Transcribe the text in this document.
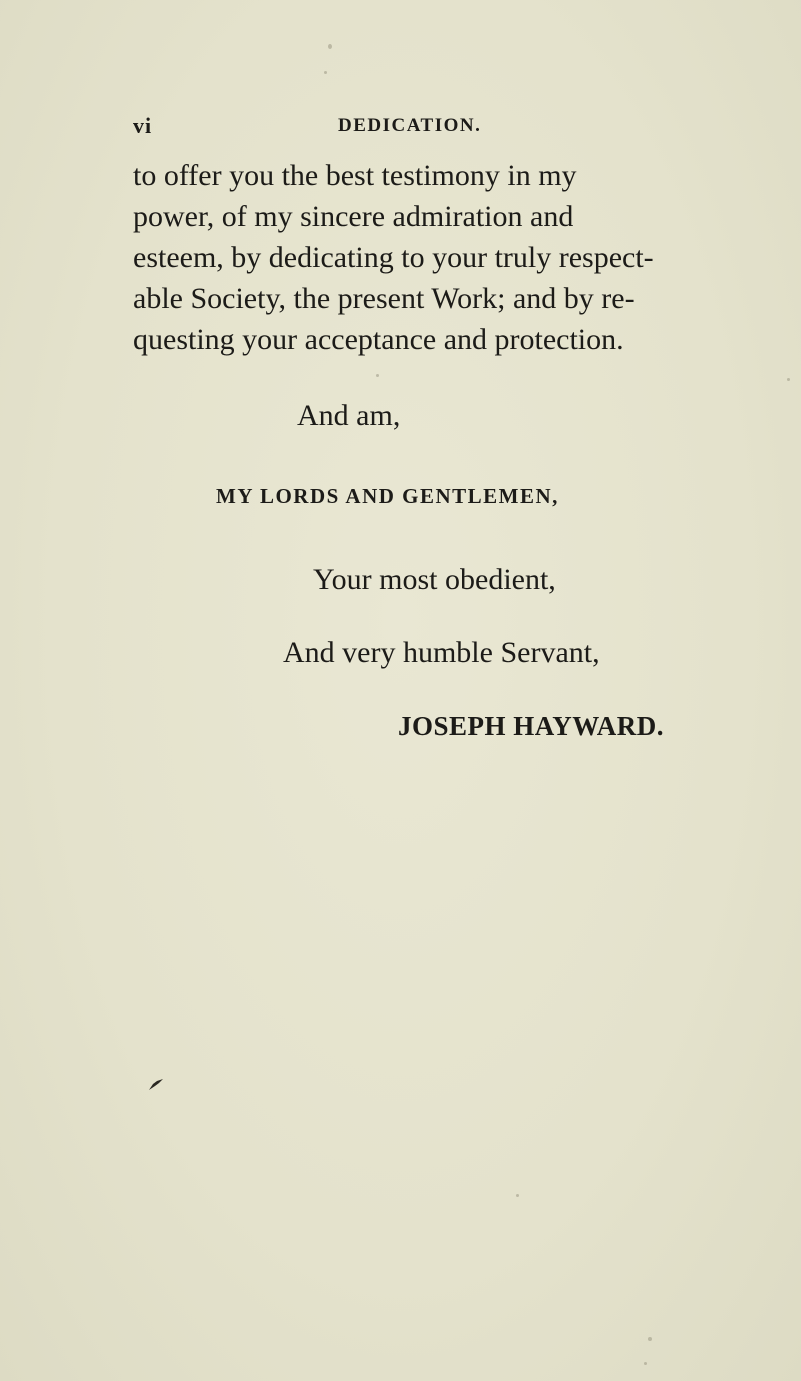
vi	DEDICATION.
to offer you the best testimony in my
power, of my sincere admiration and
esteem, by dedicating to your truly respect-
able Society, the present Work; and by re-
questing your acceptance and protection.
And am,
MY LORDS AND GENTLEMEN,
Your most obedient,
And very humble Servant,
JOSEPH HAYWARD.
